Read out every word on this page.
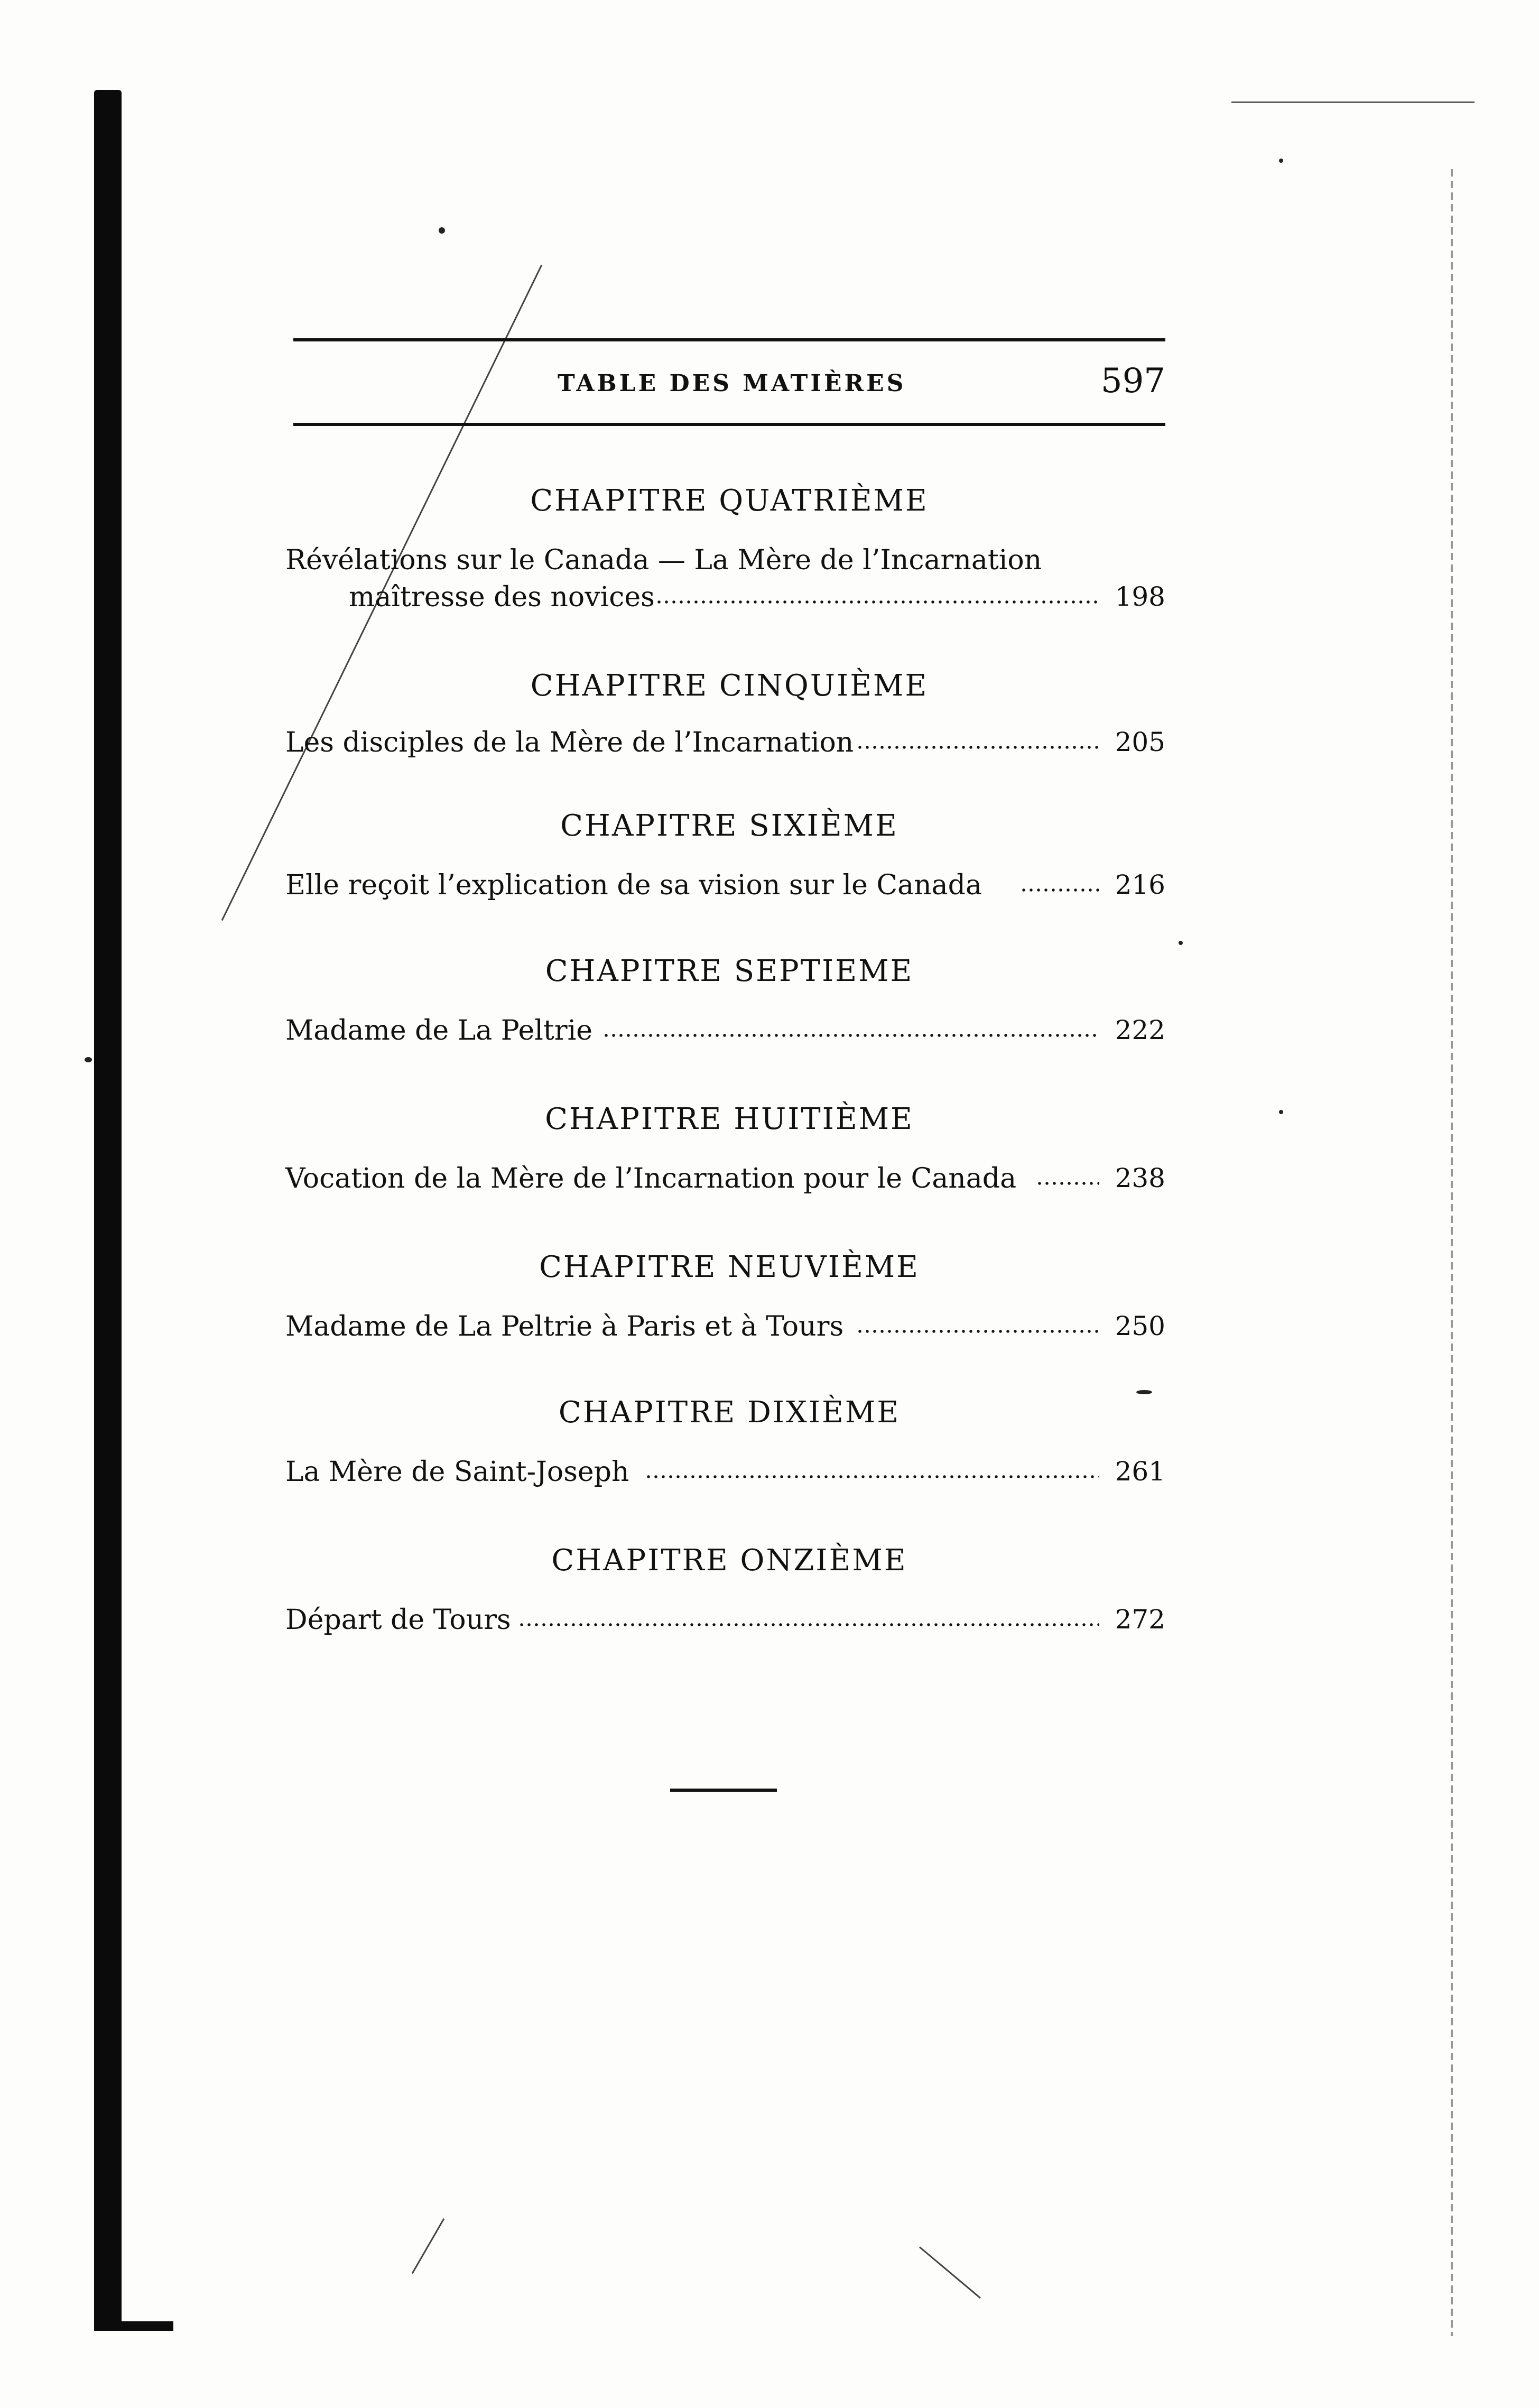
TABLE DES MATIÈRES	597
CHAPITRE QUATRIÈME
Révélations sur le Canada — La Mère de l’Incarnation
maîtresse des novices	198
CHAPITRE CINQUIÈME
Les disciples de la Mère de l’Incarnation	205
CHAPITRE SIXIÈME
Elle reçoit l’explication de sa vision sur le Canada	216
CHAPITRE SEPTIEME
Madame de La Peltrie	222
CHAPITRE HUITIÈME
Vocation de la Mère de l’Incarnation pour le Canada	238
CHAPITRE NEUVIÈME
Madame de La Peltrie à Paris et à Tours	250
CHAPITRE DIXIÈME
La Mère de Saint-Joseph	261
CHAPITRE ONZIÈME
Départ de Tours	272
